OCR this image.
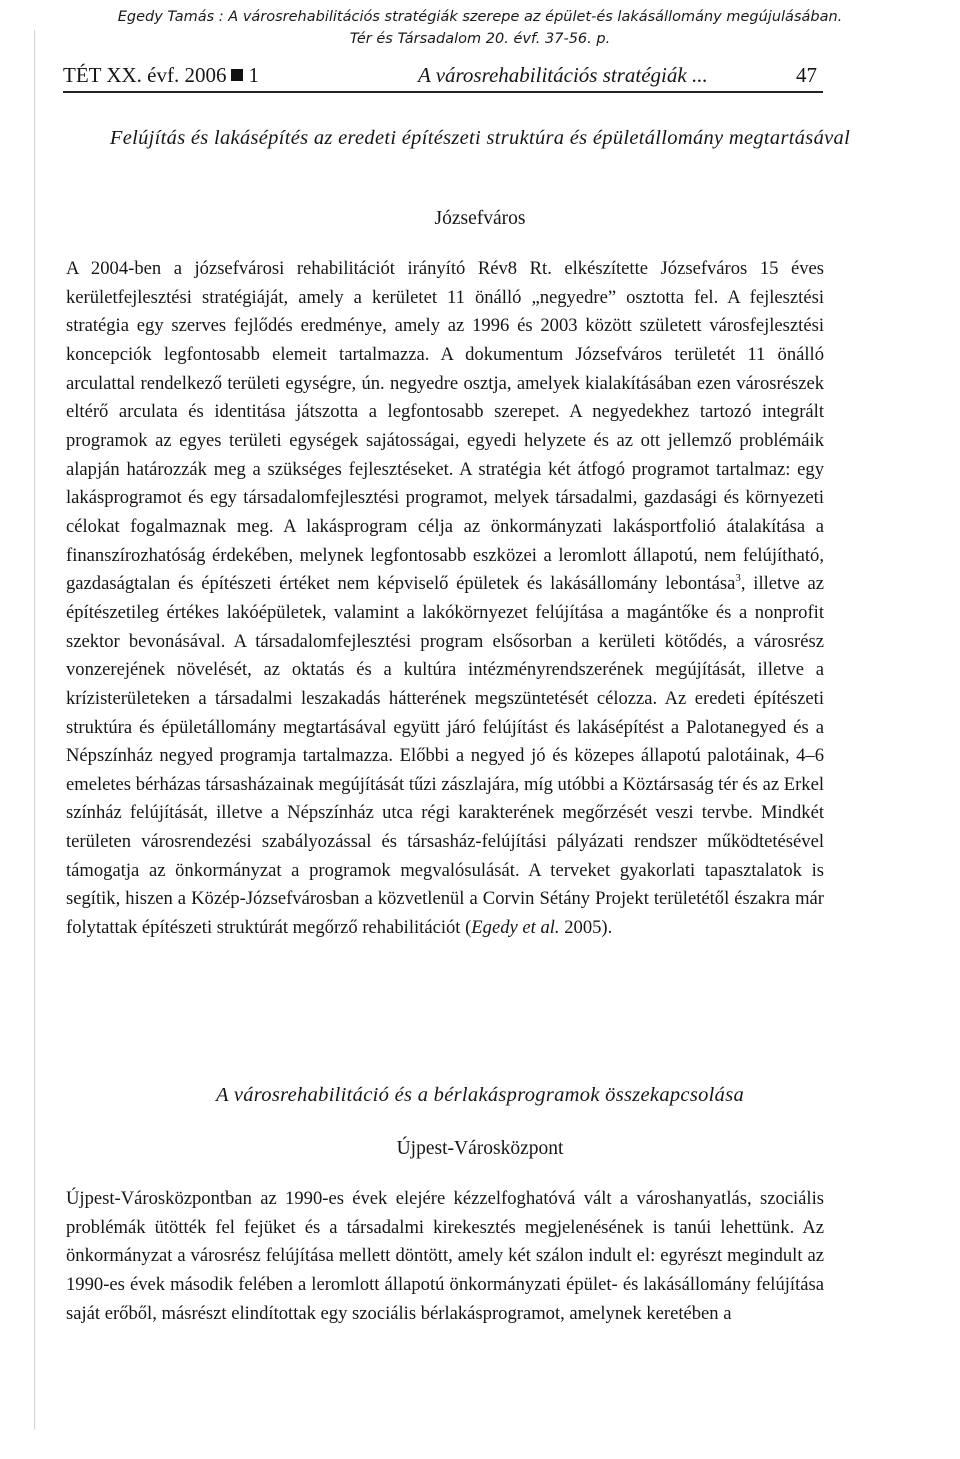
Egedy Tamás : A városrehabilitációs stratégiák szerepe az épület-és lakásállomány megújulásában.
Tér és Társadalom 20. évf. 37-56. p.
TÉT XX. évf. 2006 1	A városrehabilitációs stratégiák ...	47
Felújítás és lakásépítés az eredeti építészeti struktúra és épületállomány megtartásával
Józsefváros

A 2004-ben a józsefvárosi rehabilitációt irányító Rév8 Rt. elkészítette Józsefváros 15 éves kerületfejlesztési stratégiáját, amely a kerületet 11 önálló „negyedre” osztotta fel. A fejlesztési stratégia egy szerves fejlődés eredménye, amely az 1996 és 2003 között született városfejlesztési koncepciók legfontosabb elemeit tartalmazza. A dokumentum Józsefváros területét 11 önálló arculattal rendelkező területi egységre, ún. negyedre osztja, amelyek kialakításában ezen városrészek eltérő arculata és identitása játszotta a legfontosabb szerepet. A negyedekhez tartozó integrált programok az egyes területi egységek sajátosságai, egyedi helyzete és az ott jellemző problémáik alapján határozzák meg a szükséges fejlesztéseket. A stratégia két átfogó programot tartalmaz: egy lakásprogramot és egy társadalomfejlesztési programot, melyek társadalmi, gazdasági és környezeti célokat fogalmaznak meg. A lakásprogram célja az önkormányzati lakásportfolió átalakítása a finanszírozhatóság érdekében, melynek legfontosabb eszközei a leromlott állapotú, nem felújítható, gazdaságtalan és építészeti értéket nem képviselő épületek és lakásállomány lebontása$^3$, illetve az építészetileg értékes lakóépületek, valamint a lakókörnyezet felújítása a magántőke és a nonprofit szektor bevonásával. A társadalomfejlesztési program elsősorban a kerületi kötődés, a városrész vonzerejének növelését, az oktatás és a kultúra intézményrendszerének megújítását, illetve a krízisterületeken a társadalmi leszakadás hátterének megszüntetését célozza. Az eredeti építészeti struktúra és épületállomány megtartásával együtt járó felújítást és lakásépítést a Palotanegyed és a Népszínház negyed programja tartalmazza. Előbbi a negyed jó és közepes állapotú palotáinak, 4–6 emeletes bérházas társasházainak megújítását tűzi zászlajára, míg utóbbi a Köztársaság tér és az Erkel színház felújítását, illetve a Népszínház utca régi karakterének megőrzését veszi tervbe. Mindkét területen városrendezési szabályozással és társasház-felújítási pályázati rendszer működtetésével támogatja az önkormányzat a programok megvalósulását. A terveket gyakorlati tapasztalatok is segítik, hiszen a Közép-Józsefvárosban a közvetlenül a Corvin Sétány Projekt területétől északra már folytattak építészeti struktúrát megőrző rehabilitációt (Egedy et al. 2005).

A városrehabilitáció és a bérlakásprogramok összekapcsolása
Újpest-Városközpont

Újpest-Városközpontban az 1990-es évek elejére kézzelfoghatóvá vált a városhanyatlás, szociális problémák ütötték fel fejüket és a társadalmi kirekesztés megjelenésének is tanúi lehettünk. Az önkormányzat a városrész felújítása mellett döntött, amely két szálon indult el: egyrészt megindult az 1990-es évek második felében a leromlott állapotú önkormányzati épület- és lakásállomány felújítása saját erőből, másrészt elindítottak egy szociális bérlakásprogramot, amelynek keretében a
